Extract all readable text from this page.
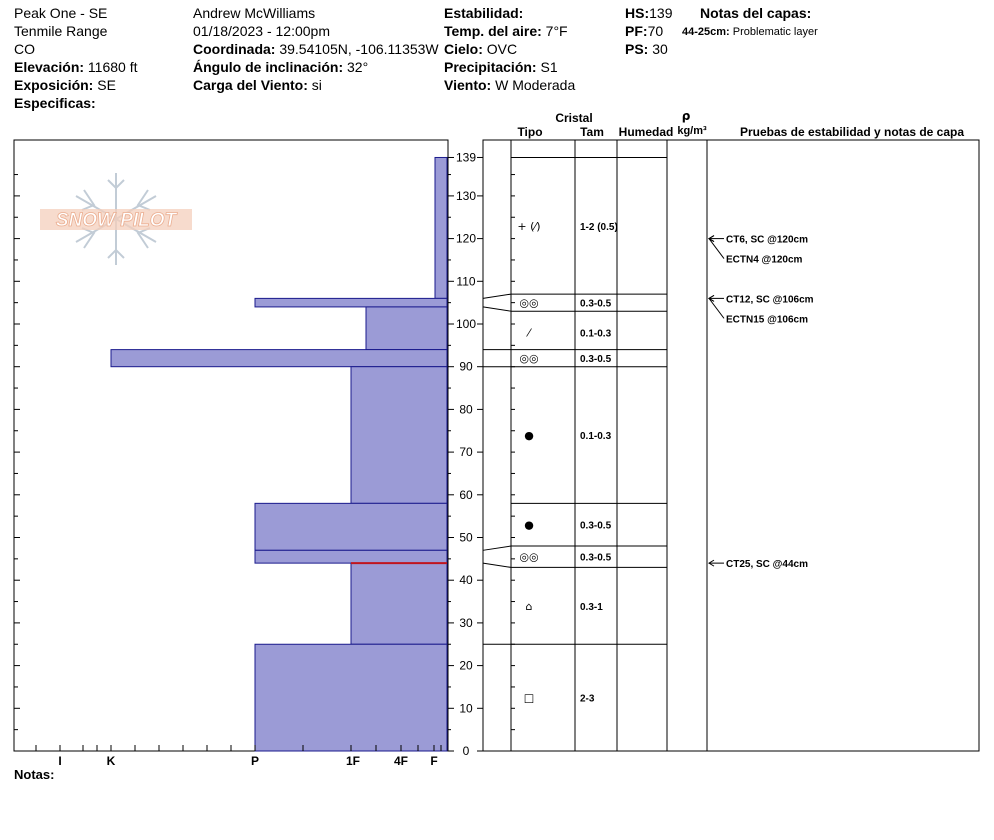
Peak One - SE
Tenmile Range
CO
Elevación: 11680 ft
Exposición: SE
Especificas:
Andrew McWilliams
01/18/2023 - 12:00pm
Coordinada: 39.54105N, -106.11353W
Ángulo de inclinación: 32°
Carga del Viento: si
Estabilidad:
Temp. del aire: 7°F
Cielo: OVC
Precipitación: S1
Viento: W Moderada
HS:139
PF:70
PS: 30
Notas del capas:
44-25cm: Problematic layer
SNOW PILOT
0
10
20
30
40
50
60
70
80
90
100
110
120
130
139
I	K	P	1F	4F F
+ (⁄)	1-2 (0.5)
◎◎	0.3-0.5
⁄	0.1-0.3
◎◎	0.3-0.5
●	0.1-0.3
●	0.3-0.5
◎◎	0.3-0.5
⌂	0.3-1
□	2-3
CT6, SC @120cm
ECTN4 @120cm
CT12, SC @106cm
ECTN15 @106cm
CT25, SC @44cm
Cristal
Tipo	Tam Humedad
ρ
kg/m³	Pruebas de estabilidad y notas de capa
Notas:
